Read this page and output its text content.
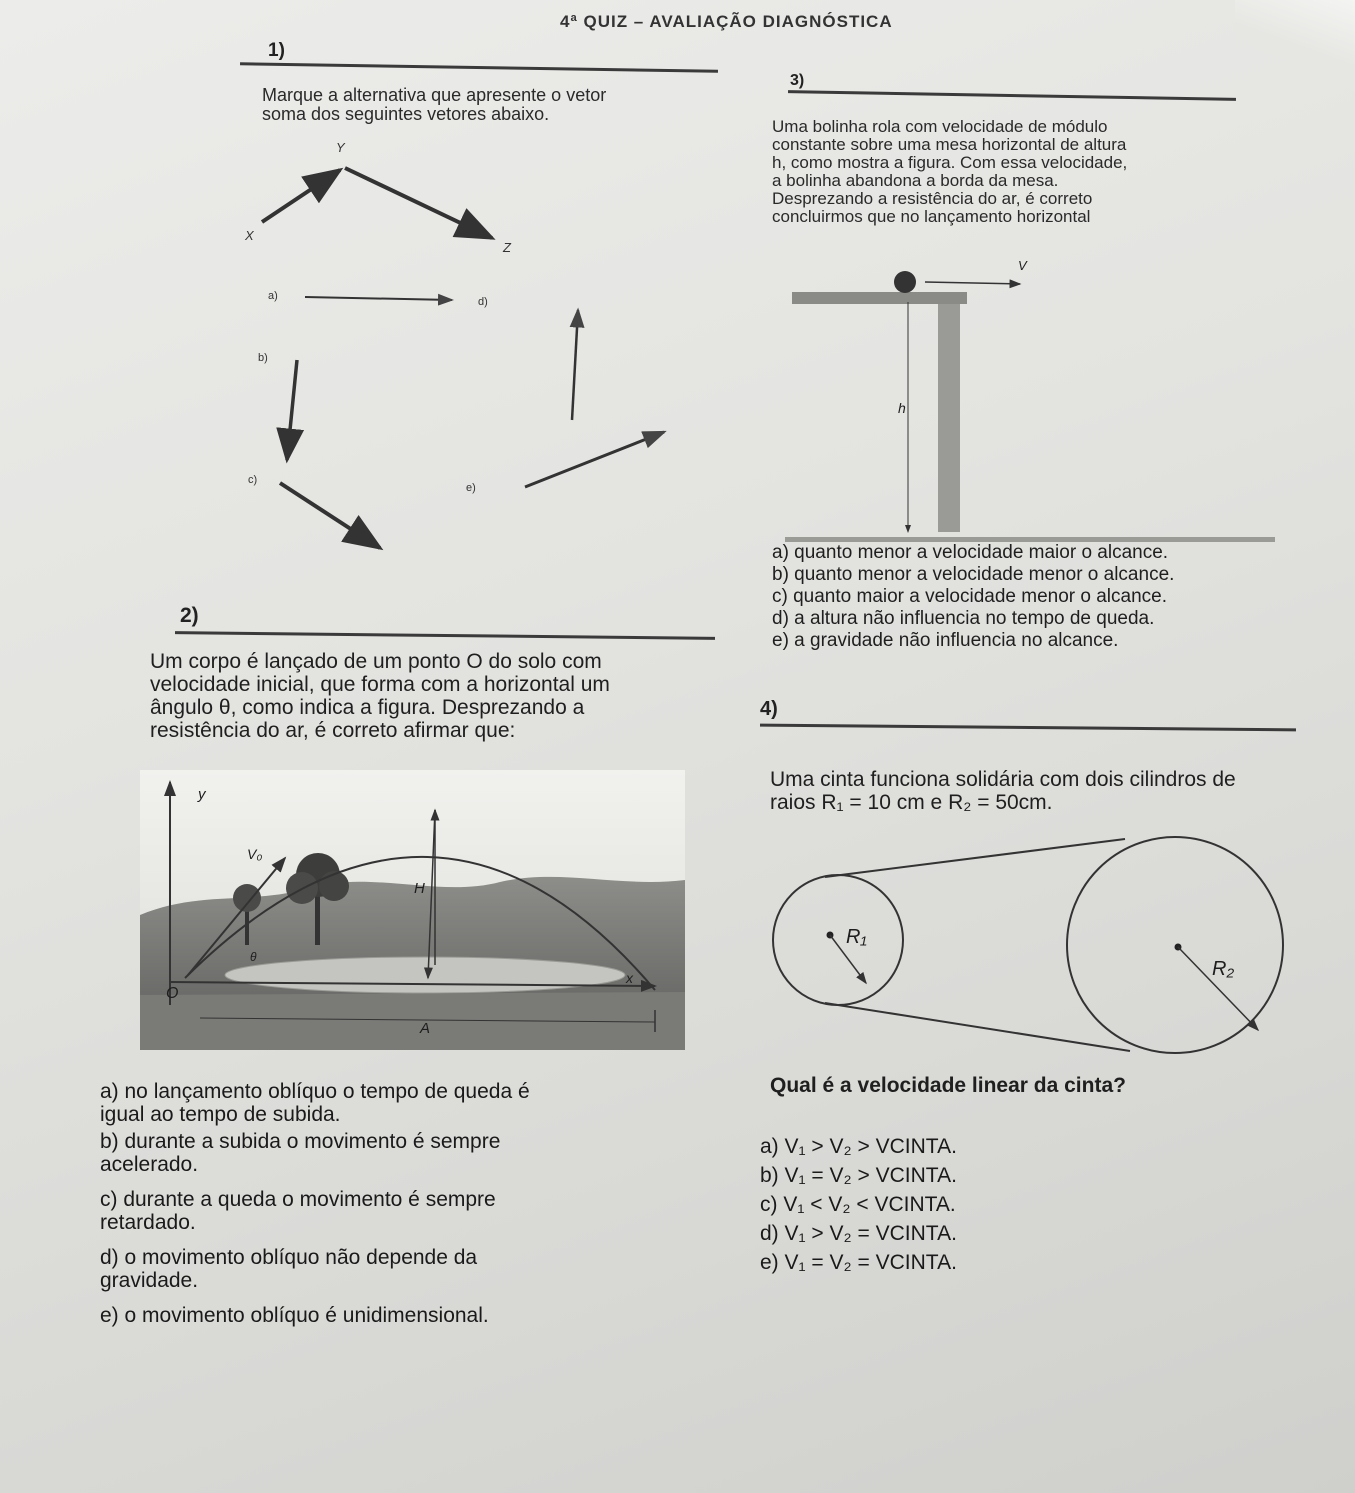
4ª QUIZ – AVALIAÇÃO DIAGNÓSTICA
1)
Marque a alternativa que apresente o vetor
soma dos seguintes vetores abaixo.
X
Y
Z
a)
b)
c)
d)
e)
2)
Um corpo é lançado de um ponto O do solo com
velocidade inicial, que forma com a horizontal um
ângulo θ, como indica a figura. Desprezando a
resistência do ar, é correto afirmar que:
y
V₀
H
θ
O
x
A
a) no lançamento oblíquo o tempo de queda é
igual ao tempo de subida.
b) durante a subida o movimento é sempre
acelerado.
c) durante a queda o movimento é sempre
retardado.
d) o movimento oblíquo não depende da
gravidade.
e) o movimento oblíquo é unidimensional.
3)
Uma bolinha rola com velocidade de módulo
constante sobre uma mesa horizontal de altura
h, como mostra a figura. Com essa velocidade,
a bolinha abandona a borda da mesa.
Desprezando a resistência do ar, é correto
concluirmos que no lançamento horizontal
V
h
a) quanto menor a velocidade maior o alcance.
b) quanto menor a velocidade menor o alcance.
c) quanto maior a velocidade menor o alcance.
d) a altura não influencia no tempo de queda.
e) a gravidade não influencia no alcance.
4)
Uma cinta funciona solidária com dois cilindros de
raios R₁ = 10 cm e R₂ = 50cm.
R₁
R₂
Qual é a velocidade linear da cinta?
a) V₁ > V₂ > VCINTA.
b) V₁ = V₂ > VCINTA.
c) V₁ < V₂ < VCINTA.
d) V₁ > V₂ = VCINTA.
e) V₁ = V₂ = VCINTA.
